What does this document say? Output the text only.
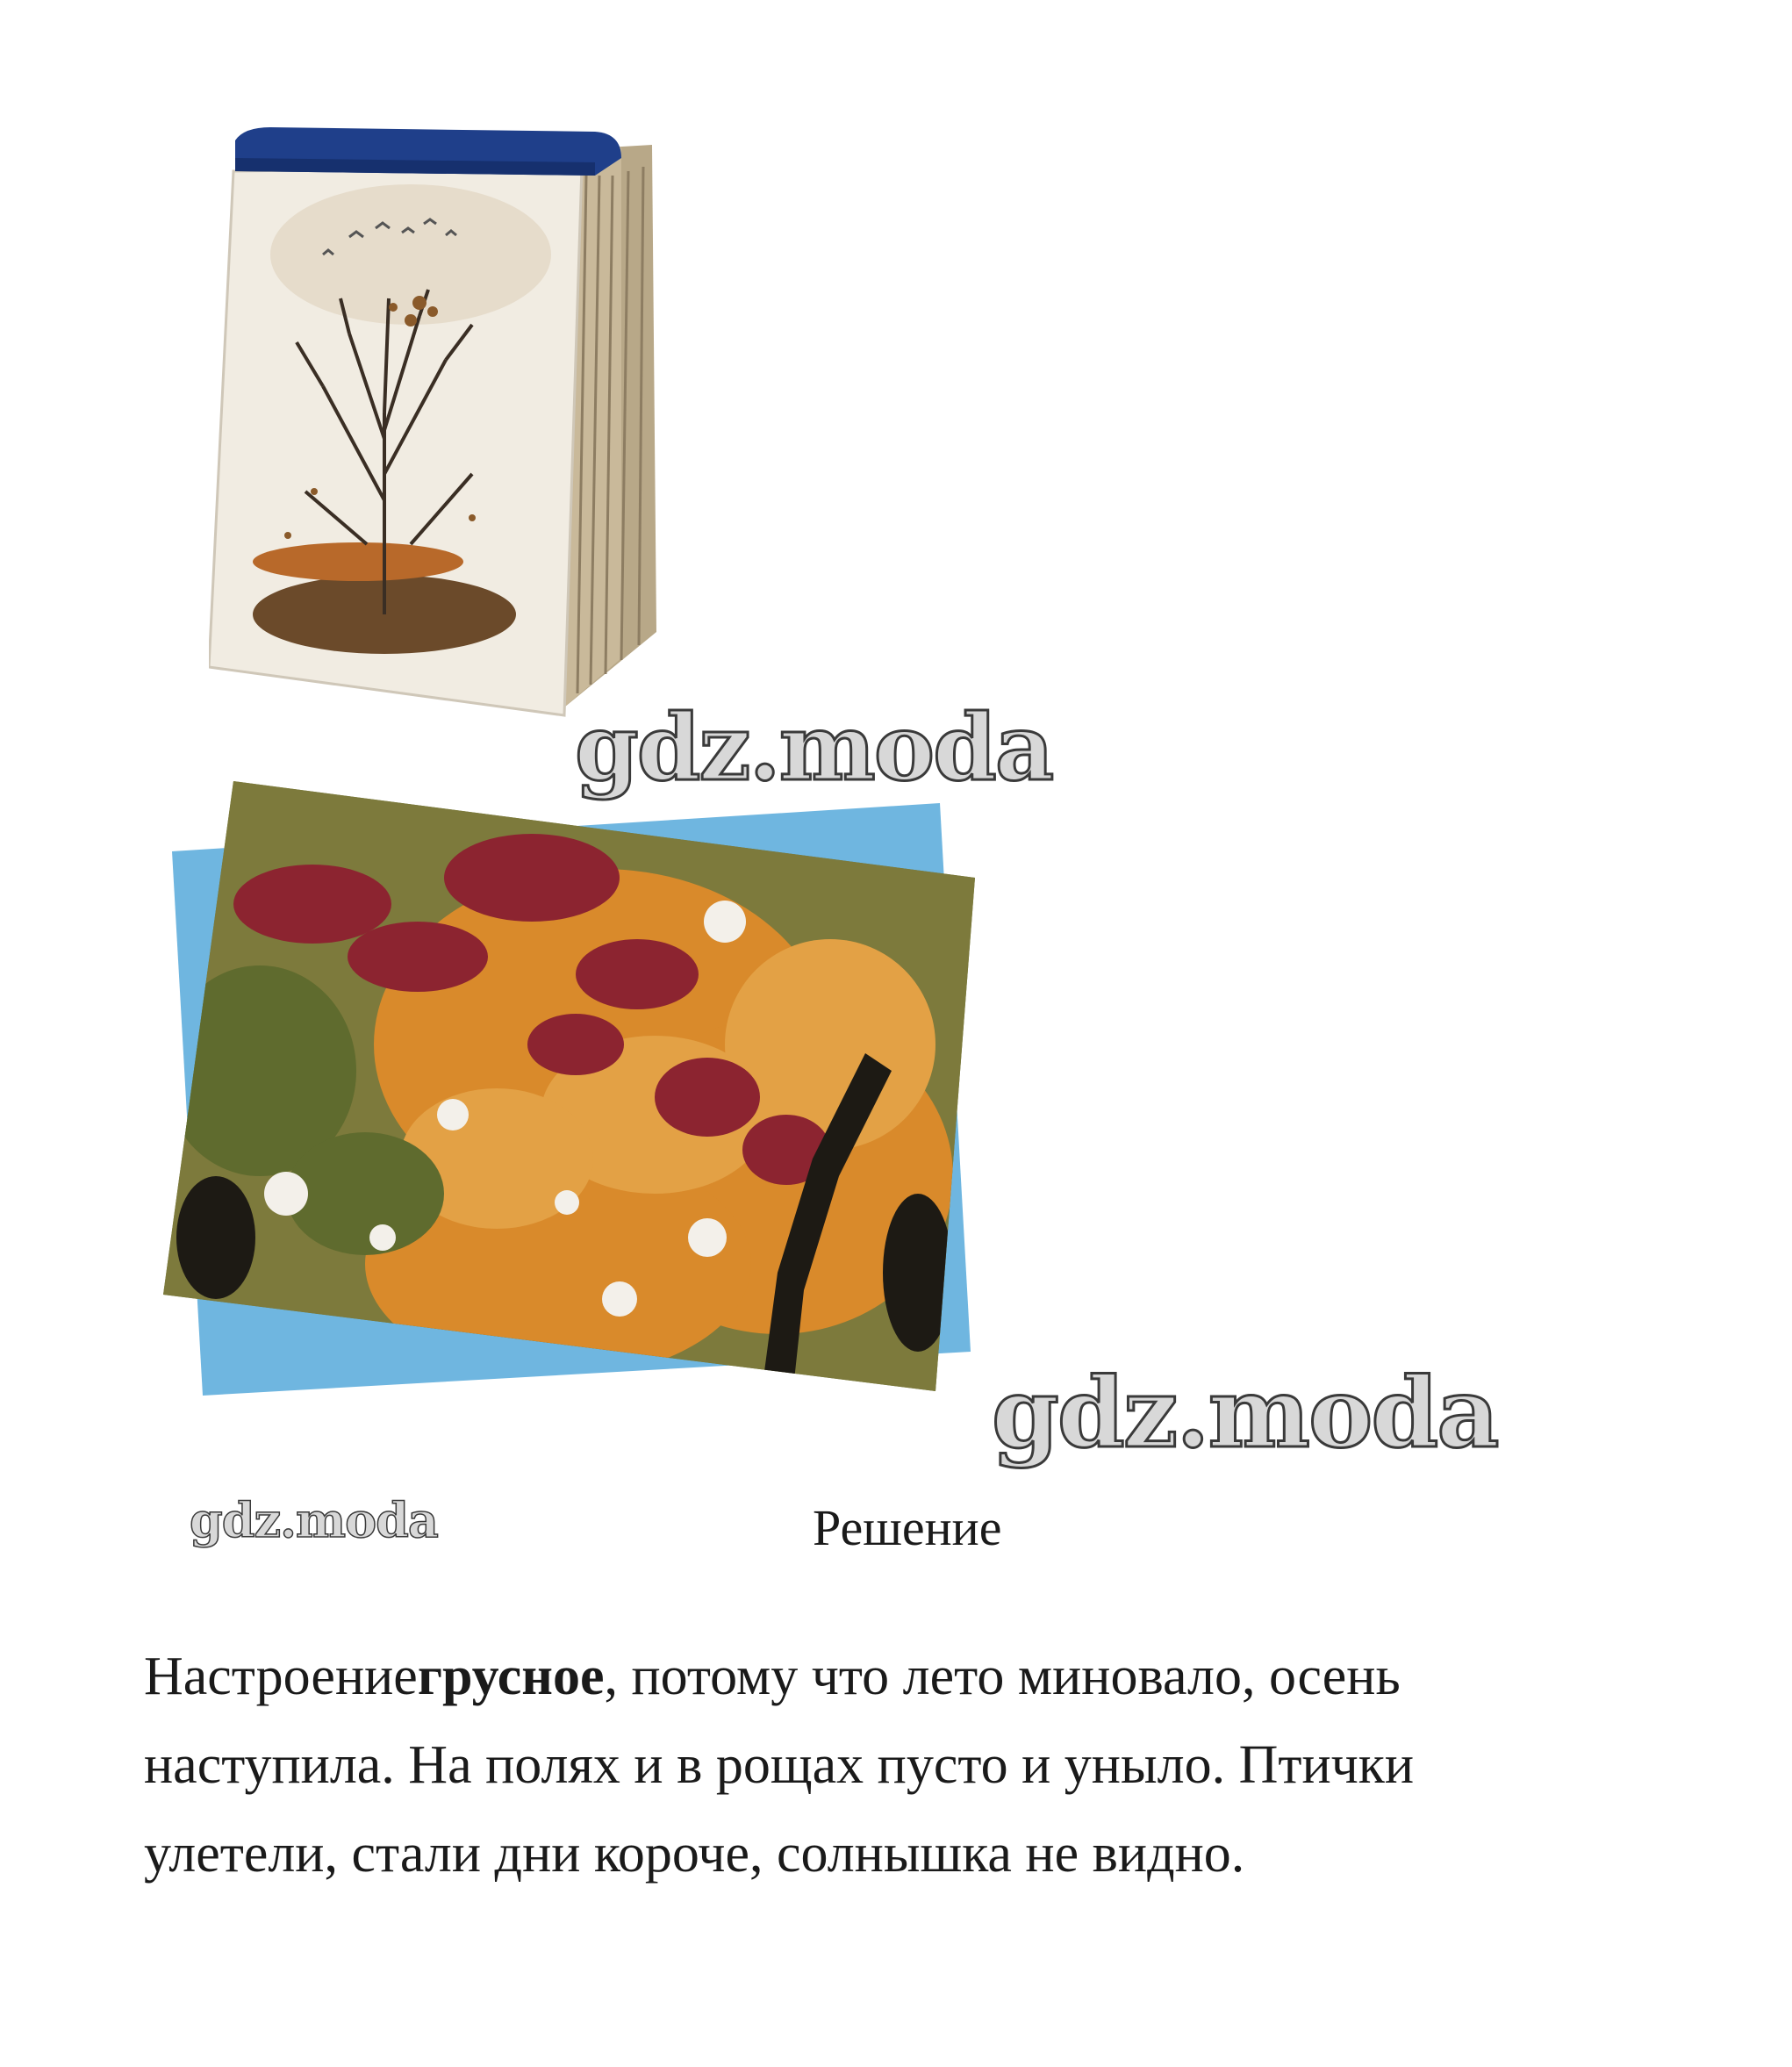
gdz.moda
gdz.moda
gdz.moda	Решение
Настроениегрусное, потому что лето миновало, осень
наступила. На полях и в рощах пусто и уныло. Птички
улетели, стали дни короче, солнышка не видно.
